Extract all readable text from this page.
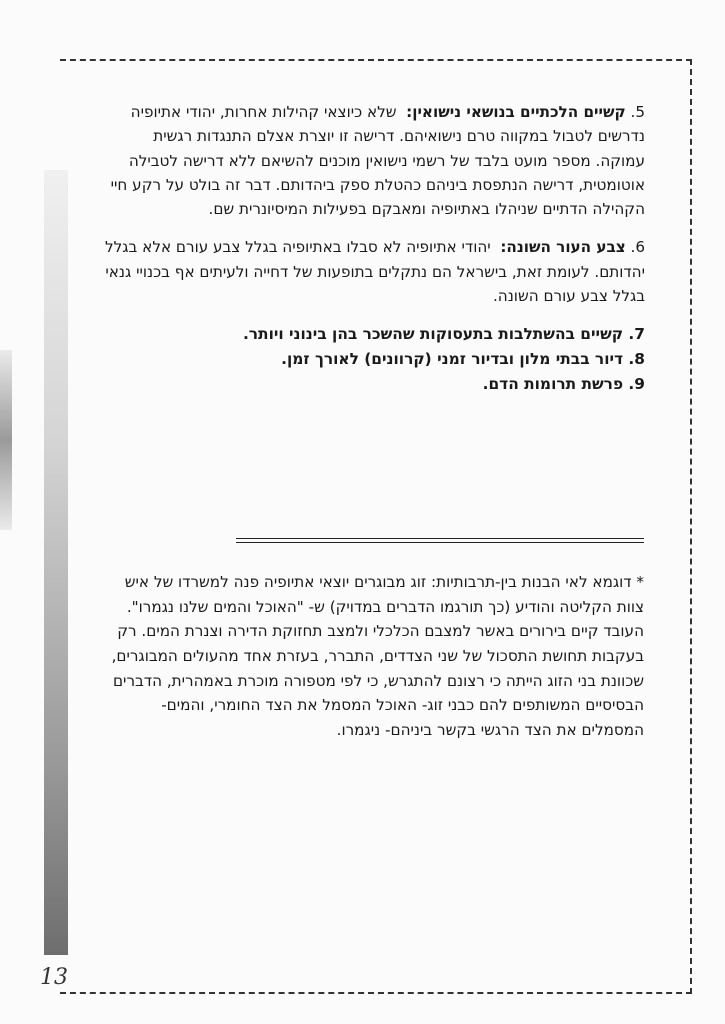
5. קשיים הלכתיים בנושאי נישואין:  שלא כיוצאי קהילות אחרות, יהודי אתיופיה נדרשים לטבול במקווה טרם נישואיהם. דרישה זו יוצרת אצלם התנגדות רגשית עמוקה. מספר מועט בלבד של רשמי נישואין מוכנים להשיאם ללא דרישה לטבילה אוטומטית, דרישה הנתפסת ביניהם כהטלת ספק ביהדותם. דבר זה בולט על רקע חיי הקהילה הדתיים שניהלו באתיופיה ומאבקם בפעילות המיסיונרית שם.

6. צבע העור השונה:  יהודי אתיופיה לא סבלו באתיופיה בגלל צבע עורם אלא בגלל יהדותם. לעומת זאת, בישראל הם נתקלים בתופעות של דחייה ולעיתים אף בכנויי גנאי בגלל צבע עורם השונה.

7. קשיים בהשתלבות בתעסוקות שהשכר בהן בינוני ויותר.

8. דיור בבתי מלון ובדיור זמני (קרוונים) לאורך זמן.

9. פרשת תרומות הדם.

* דוגמא לאי הבנות בין-תרבותיות: זוג מבוגרים יוצאי אתיופיה פנה למשרדו של איש צוות הקליטה והודיע (כך תורגמו הדברים במדויק) ש- "האוכל והמים שלנו נגמרו". העובד קיים בירורים באשר למצבם הכלכלי ולמצב תחזוקת הדירה וצנרת המים. רק בעקבות תחושת התסכול של שני הצדדים, התברר, בעזרת אחד מהעולים המבוגרים, שכוונת בני הזוג הייתה כי רצונם להתגרש, כי לפי מטפורה מוכרת באמהרית, הדברים הבסיסיים המשותפים להם כבני זוג- האוכל המסמל את הצד החומרי, והמים- המסמלים את הצד הרגשי בקשר ביניהם- ניגמרו.

13
